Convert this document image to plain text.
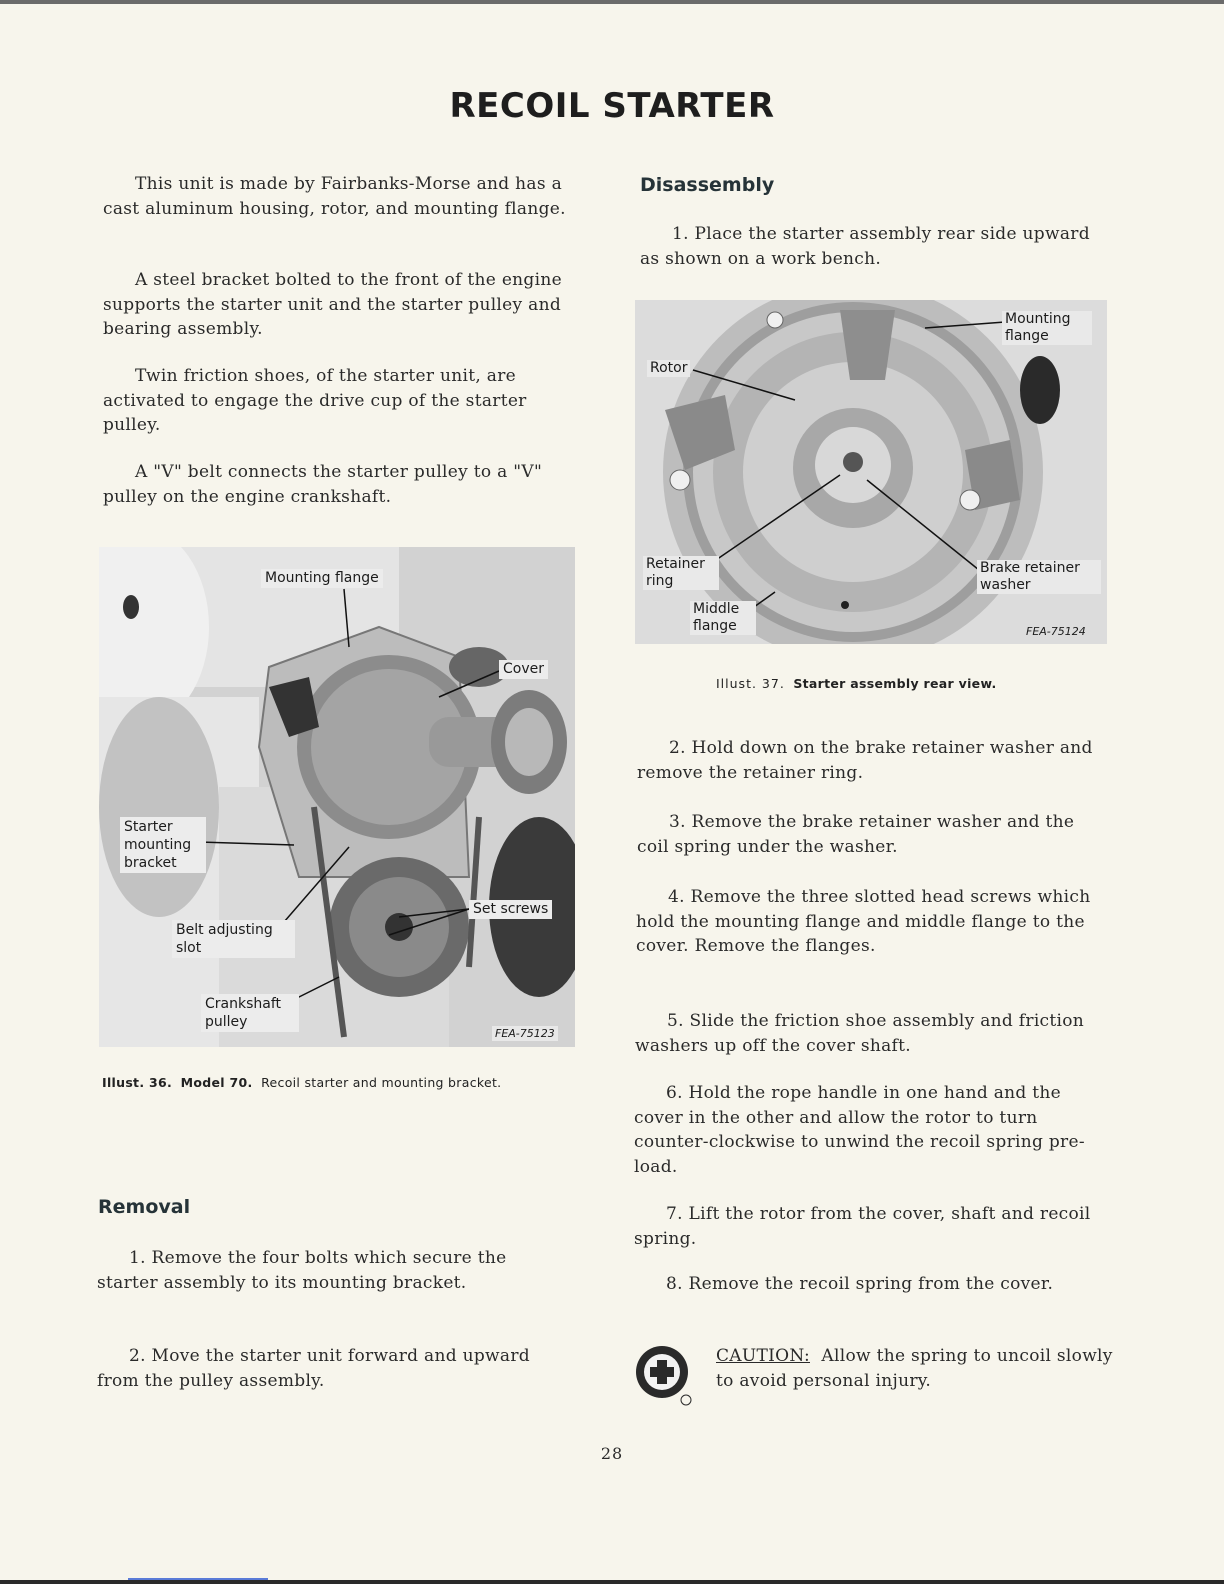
RECOIL STARTER

This unit is made by Fairbanks-Morse and has a cast aluminum housing, rotor, and mounting flange.

A steel bracket bolted to the front of the engine supports the starter unit and the starter pulley and bearing assembly.

Twin friction shoes, of the starter unit, are activated to engage the drive cup of the starter pulley.

A "V" belt connects the starter pulley to a "V" pulley on the engine crankshaft.

Mounting flange
Cover
Starter mounting bracket
Set screws
Belt adjusting slot
Crankshaft pulley
FEA-75123

Illust. 36. Model 70. Recoil starter and mounting bracket.

Removal

1. Remove the four bolts which secure the starter assembly to its mounting bracket.

2. Move the starter unit forward and upward from the pulley assembly.

Disassembly

1. Place the starter assembly rear side upward as shown on a work bench.

Mounting flange
Rotor
Retainer ring
Brake retainer washer
Middle flange	FEA-75124

Illust. 37. Starter assembly rear view.

2. Hold down on the brake retainer washer and remove the retainer ring.

3. Remove the brake retainer washer and the coil spring under the washer.

4. Remove the three slotted head screws which hold the mounting flange and middle flange to the cover. Remove the flanges.

5. Slide the friction shoe assembly and friction washers up off the cover shaft.

6. Hold the rope handle in one hand and the cover in the other and allow the rotor to turn counter-clockwise to unwind the recoil spring pre-load.

7. Lift the rotor from the cover, shaft and recoil spring.

8. Remove the recoil spring from the cover.

CAUTION: Allow the spring to uncoil slowly to avoid personal injury.

28
